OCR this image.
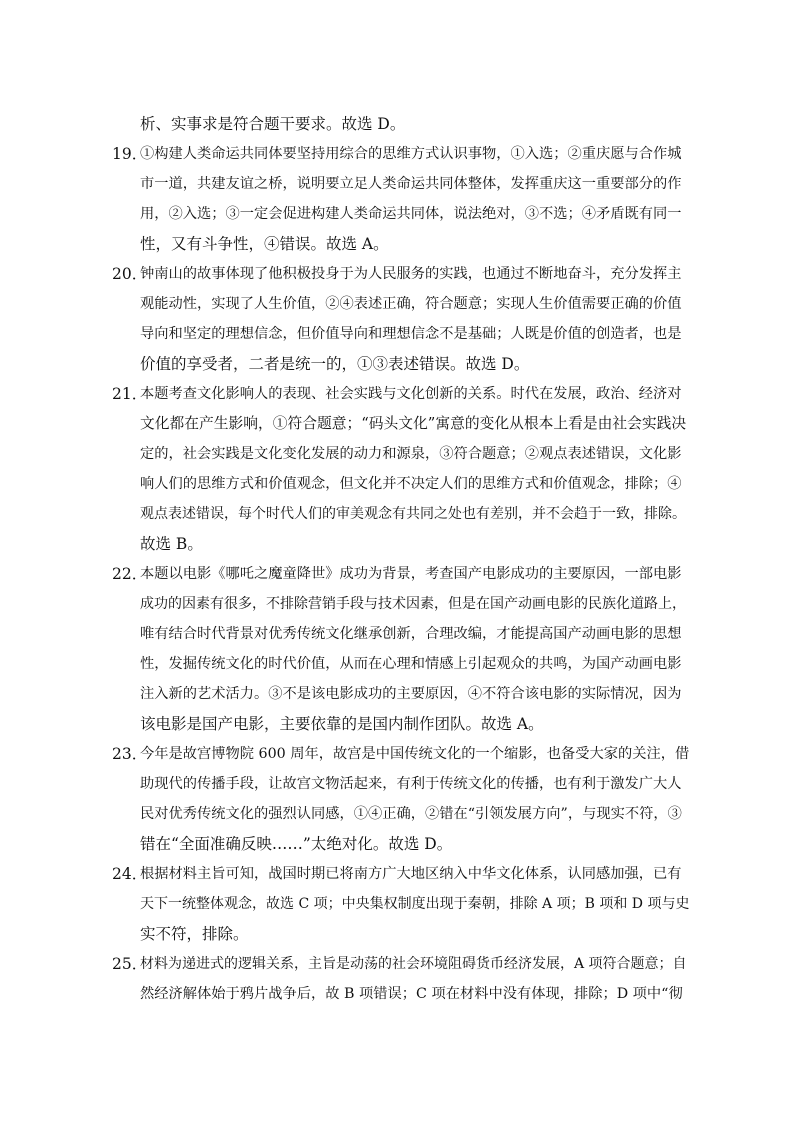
析、实事求是符合题干要求。故选 D。
19．
①构建人类命运共同体要坚持用综合的思维方式认识事物，①入选；②重庆愿与合作城
市一道，共建友谊之桥，说明要立足人类命运共同体整体，发挥重庆这一重要部分的作
用，②入选；③一定会促进构建人类命运共同体，说法绝对，③不选；④矛盾既有同一
性，又有斗争性，④错误。故选 A。
20．
钟南山的故事体现了他积极投身于为人民服务的实践，也通过不断地奋斗，充分发挥主
观能动性，实现了人生价值，②④表述正确，符合题意；实现人生价值需要正确的价值
导向和坚定的理想信念，但价值导向和理想信念不是基础；人既是价值的创造者，也是
价值的享受者，二者是统一的，①③表述错误。故选 D。
21．
本题考查文化影响人的表现、社会实践与文化创新的关系。时代在发展，政治、经济对
文化都在产生影响，①符合题意；“码头文化”寓意的变化从根本上看是由社会实践决
定的，社会实践是文化变化发展的动力和源泉，③符合题意；②观点表述错误，文化影
响人们的思维方式和价值观念，但文化并不决定人们的思维方式和价值观念，排除；④
观点表述错误，每个时代人们的审美观念有共同之处也有差别，并不会趋于一致，排除。
故选 B。
22．
本题以电影《哪吒之魔童降世》成功为背景，考查国产电影成功的主要原因，一部电影
成功的因素有很多，不排除营销手段与技术因素，但是在国产动画电影的民族化道路上，
唯有结合时代背景对优秀传统文化继承创新，合理改编，才能提高国产动画电影的思想
性，发掘传统文化的时代价值，从而在心理和情感上引起观众的共鸣，为国产动画电影
注入新的艺术活力。③不是该电影成功的主要原因，④不符合该电影的实际情况，因为
该电影是国产电影，主要依靠的是国内制作团队。故选 A。
23．
今年是故宫博物院 600 周年，故宫是中国传统文化的一个缩影，也备受大家的关注，借
助现代的传播手段，让故宫文物活起来，有利于传统文化的传播，也有利于激发广大人
民对优秀传统文化的强烈认同感，①④正确，②错在“引领发展方向”，与现实不符，③
错在“全面准确反映……”太绝对化。故选 D。
24．
根据材料主旨可知，战国时期已将南方广大地区纳入中华文化体系，认同感加强，已有
天下一统整体观念，故选 C 项；中央集权制度出现于秦朝，排除 A 项；B 项和 D 项与史
实不符，排除。
25．
材料为递进式的逻辑关系，主旨是动荡的社会环境阻碍货币经济发展，A 项符合题意；自
然经济解体始于鸦片战争后，故 B 项错误；C 项在材料中没有体现，排除；D 项中“彻
